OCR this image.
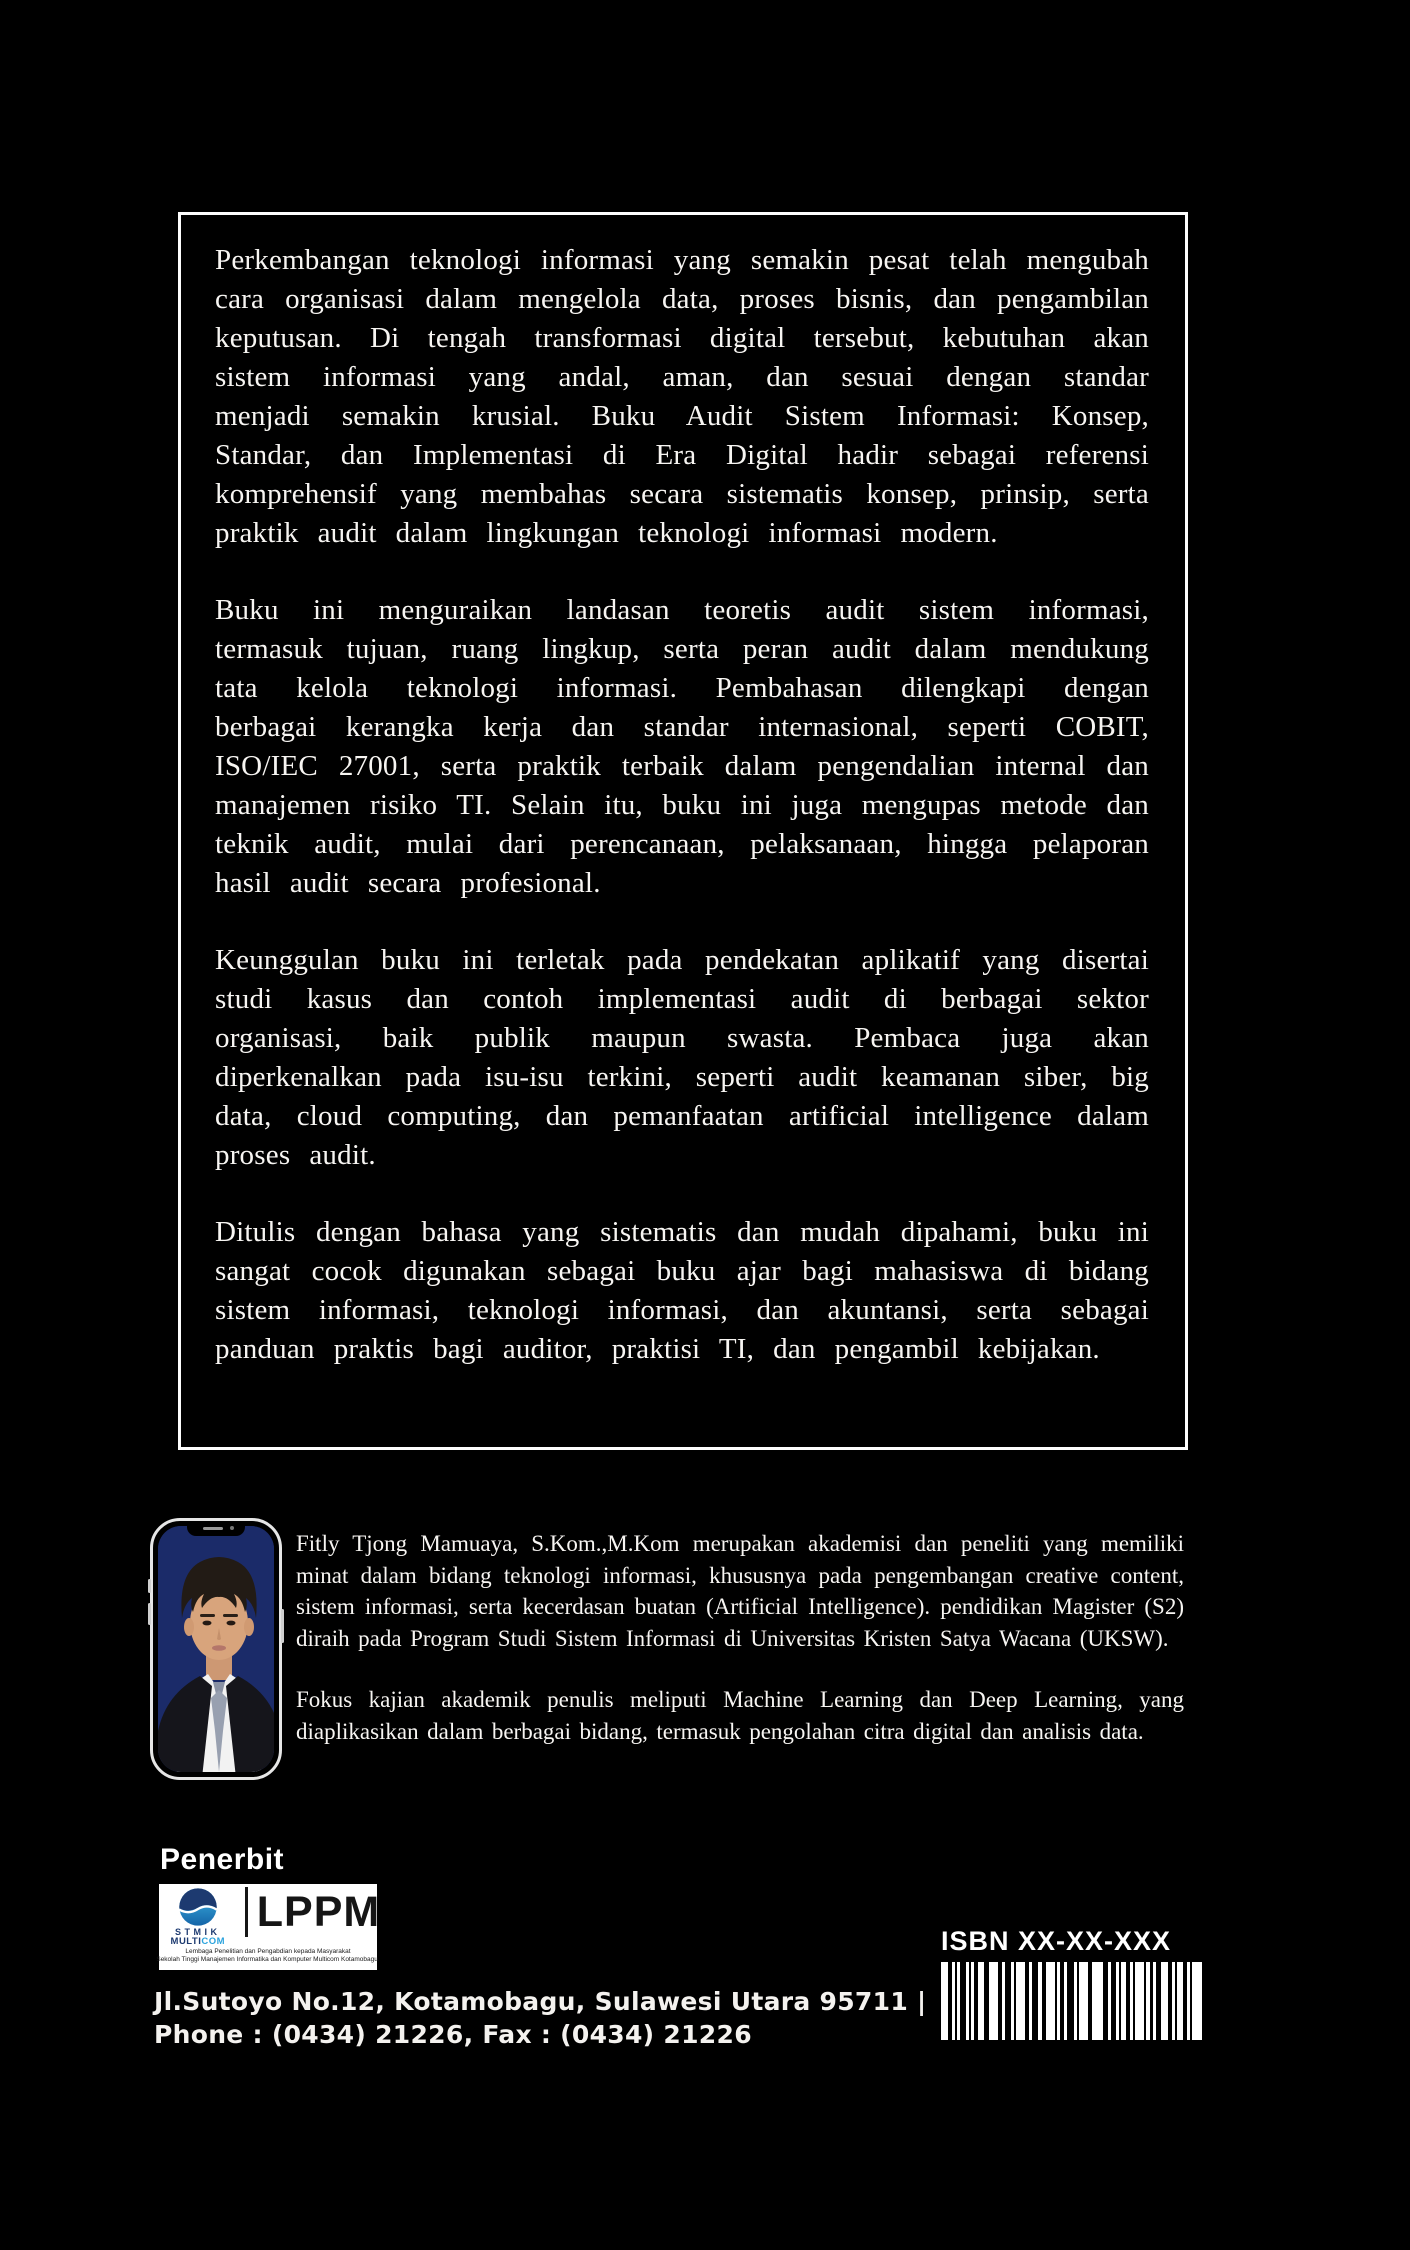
Perkembangan teknologi informasi yang semakin pesat telah mengubah cara organisasi dalam mengelola data, proses bisnis, dan pengambilan keputusan. Di tengah transformasi digital tersebut, kebutuhan akan sistem informasi yang andal, aman, dan sesuai dengan standar menjadi semakin krusial. Buku Audit Sistem Informasi: Konsep, Standar, dan Implementasi di Era Digital hadir sebagai referensi komprehensif yang membahas secara sistematis konsep, prinsip, serta praktik audit dalam lingkungan teknologi informasi modern.

Buku ini menguraikan landasan teoretis audit sistem informasi, termasuk tujuan, ruang lingkup, serta peran audit dalam mendukung tata kelola teknologi informasi. Pembahasan dilengkapi dengan berbagai kerangka kerja dan standar internasional, seperti COBIT, ISO/IEC 27001, serta praktik terbaik dalam pengendalian internal dan manajemen risiko TI. Selain itu, buku ini juga mengupas metode dan teknik audit, mulai dari perencanaan, pelaksanaan, hingga pelaporan hasil audit secara profesional.

Keunggulan buku ini terletak pada pendekatan aplikatif yang disertai studi kasus dan contoh implementasi audit di berbagai sektor organisasi, baik publik maupun swasta. Pembaca juga akan diperkenalkan pada isu-isu terkini, seperti audit keamanan siber, big data, cloud computing, dan pemanfaatan artificial intelligence dalam proses audit.

Ditulis dengan bahasa yang sistematis dan mudah dipahami, buku ini sangat cocok digunakan sebagai buku ajar bagi mahasiswa di bidang sistem informasi, teknologi informasi, dan akuntansi, serta sebagai panduan praktis bagi auditor, praktisi TI, dan pengambil kebijakan.

Fitly Tjong Mamuaya, S.Kom.,M.Kom merupakan akademisi dan peneliti yang memiliki minat dalam bidang teknologi informasi, khususnya pada pengembangan creative content, sistem informasi, serta kecerdasan buatan (Artificial Intelligence). pendidikan Magister (S2) diraih pada Program Studi Sistem Informasi di Universitas Kristen Satya Wacana (UKSW).

Fokus kajian akademik penulis meliputi Machine Learning dan Deep Learning, yang diaplikasikan dalam berbagai bidang, termasuk pengolahan citra digital dan analisis data.

Penerbit
STMIK
MULTICOM
LPPM
Lembaga Penelitian dan Pengabdian kepada Masyarakat
Sekolah Tinggi Manajemen Informatika dan Komputer Multicom Kotamobagu.
Jl.Sutoyo No.12, Kotamobagu, Sulawesi Utara 95711 |
Phone : (0434) 21226, Fax : (0434) 21226
ISBN XX-XX-XXX
